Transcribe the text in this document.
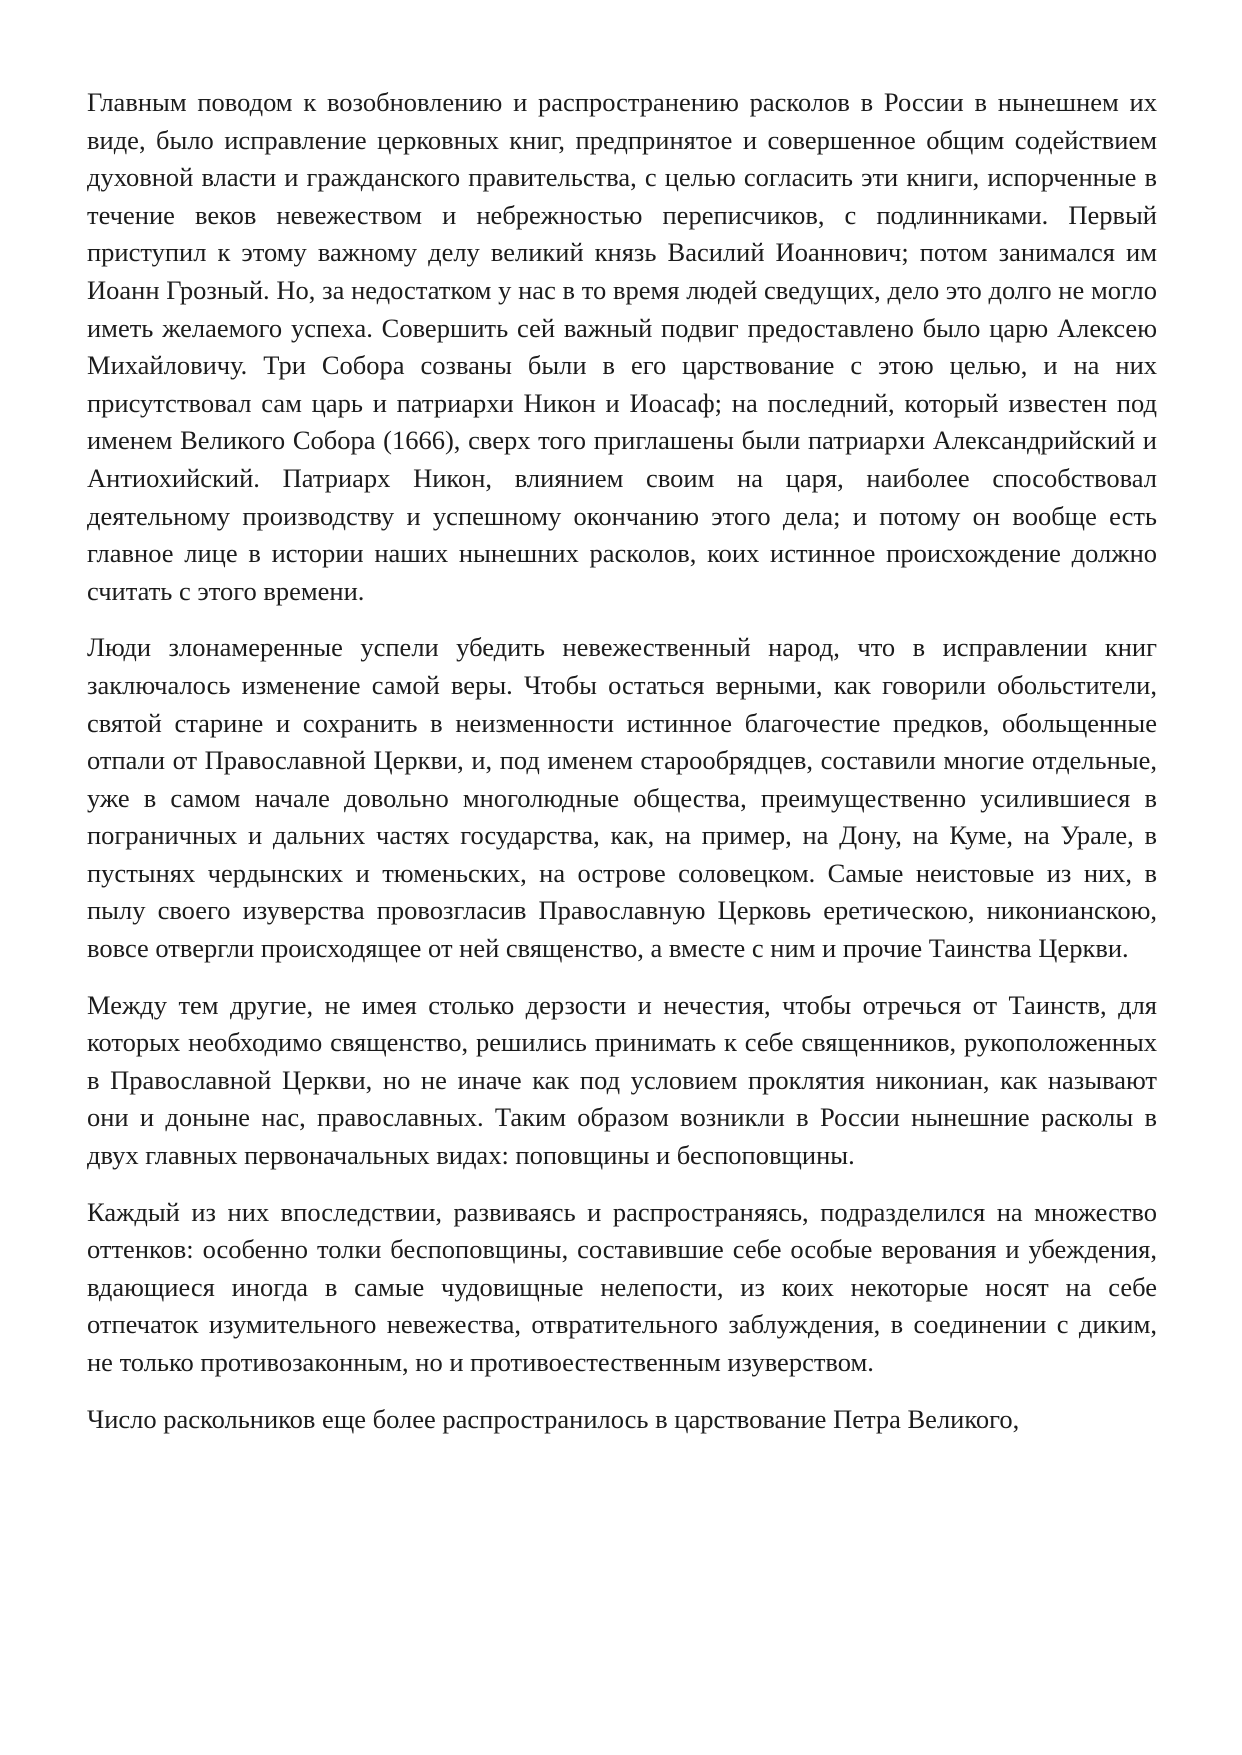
Главным поводом к возобновлению и распространению расколов в России в нынешнем их виде, было исправление церковных книг, предпринятое и совершенное общим содействием духовной власти и гражданского правительства, с целью согласить эти книги, испорченные в течение веков невежеством и небрежностью переписчиков, с подлинниками. Первый приступил к этому важному делу великий князь Василий Иоаннович; потом занимался им Иоанн Грозный. Но, за недостатком у нас в то время людей сведущих, дело это долго не могло иметь желаемого успеха. Совершить сей важный подвиг предоставлено было царю Алексею Михайловичу. Три Собора созваны были в его царствование с этою целью, и на них присутствовал сам царь и патриархи Никон и Иоасаф; на последний, который известен под именем Великого Собора (1666), сверх того приглашены были патриархи Александрийский и Антиохийский. Патриарх Никон, влиянием своим на царя, наиболее способствовал деятельному производству и успешному окончанию этого дела; и потому он вообще есть главное лице в истории наших нынешних расколов, коих истинное происхождение должно считать с этого времени.

Люди злонамеренные успели убедить невежественный народ, что в исправлении книг заключалось изменение самой веры. Чтобы остаться верными, как говорили обольстители, святой старине и сохранить в неизменности истинное благочестие предков, обольщенные отпали от Православной Церкви, и, под именем старообрядцев, составили многие отдельные, уже в самом начале довольно многолюдные общества, преимущественно усилившиеся в пограничных и дальних частях государства, как, на пример, на Дону, на Куме, на Урале, в пустынях чердынских и тюменьских, на острове соловецком. Самые неистовые из них, в пылу своего изуверства провозгласив Православную Церковь еретическою, никонианскою, вовсе отвергли происходящее от ней священство, а вместе с ним и прочие Таинства Церкви.

Между тем другие, не имея столько дерзости и нечестия, чтобы отречься от Таинств, для которых необходимо священство, решились принимать к себе священников, рукоположенных в Православной Церкви, но не иначе как под условием проклятия никониан, как называют они и доныне нас, православных. Таким образом возникли в России нынешние расколы в двух главных первоначальных видах: поповщины и беспоповщины.

Каждый из них впоследствии, развиваясь и распространяясь, подразделился на множество оттенков: особенно толки беспоповщины, составившие себе особые верования и убеждения, вдающиеся иногда в самые чудовищные нелепости, из коих некоторые носят на себе отпечаток изумительного невежества, отвратительного заблуждения, в соединении с диким, не только противозаконным, но и противоестественным изуверством.

Число раскольников еще более распространилось в царствование Петра Великого,
